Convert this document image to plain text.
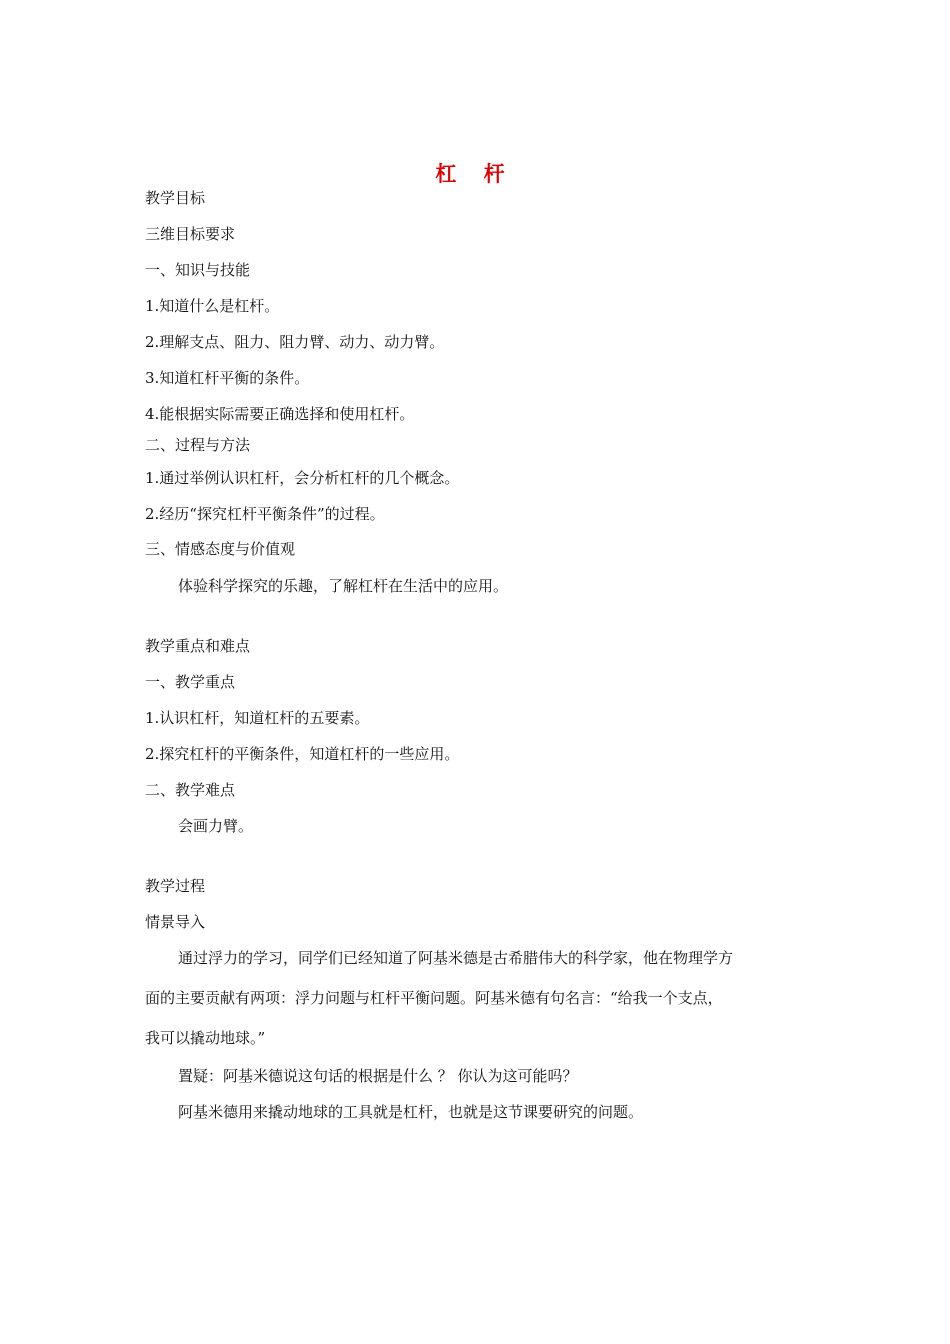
杠 杆
教学目标
三维目标要求
一、知识与技能
1.知道什么是杠杆。
2.理解支点、阻力、阻力臂、动力、动力臂。
3.知道杠杆平衡的条件。
4.能根据实际需要正确选择和使用杠杆。
二、过程与方法
1.通过举例认识杠杆，会分析杠杆的几个概念。
2.经历“探究杠杆平衡条件”的过程。
三、情感态度与价值观
体验科学探究的乐趣，了解杠杆在生活中的应用。
教学重点和难点
一、教学重点
1.认识杠杆，知道杠杆的五要素。
2.探究杠杆的平衡条件，知道杠杆的一些应用。
二、教学难点
会画力臂。
教学过程
情景导入
通过浮力的学习，同学们已经知道了阿基米德是古希腊伟大的科学家，他在物理学方
面的主要贡献有两项：浮力问题与杠杆平衡问题。阿基米德有句名言：“给我一个支点，
我可以撬动地球。”
置疑：阿基米德说这句话的根据是什么 ？ 你认为这可能吗？
阿基米德用来撬动地球的工具就是杠杆，也就是这节课要研究的问题。
